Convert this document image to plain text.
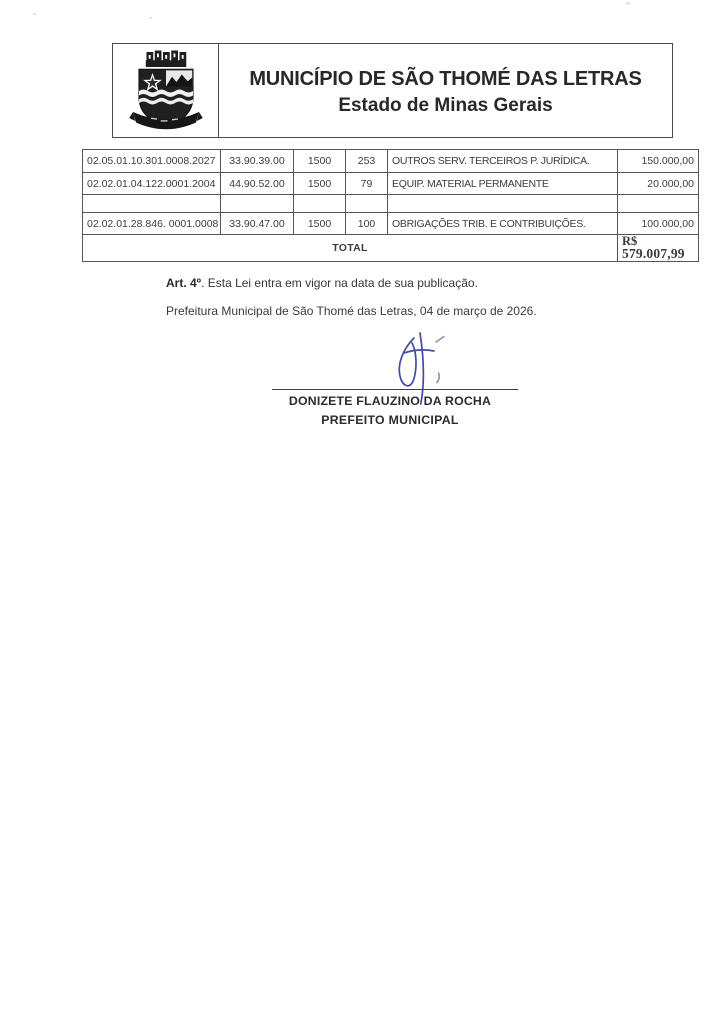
MUNICÍPIO DE SÃO THOMÉ DAS LETRAS
Estado de Minas Gerais
02.05.01.10.301.0008.2027	33.90.39.00	1500	253	OUTROS SERV. TERCEIROS P. JURÍDICA.	150.000,00
02.02.01.04.122.0001.2004	44.90.52.00	1500	79	EQUIP. MATERIAL PERMANENTE	20.000,00

02.02.01.28.846. 0001.0008	33.90.47.00	1500	100	OBRIGAÇÕES TRIB. E CONTRIBUIÇÕES.	100.000,00
TOTAL					R$
579.007,99

Art. 4º. Esta Lei entra em vigor na data de sua publicação.

Prefeitura Municipal de São Thomé das Letras, 04 de março de 2026.

DONIZETE FLAUZINO DA ROCHA
PREFEITO MUNICIPAL
